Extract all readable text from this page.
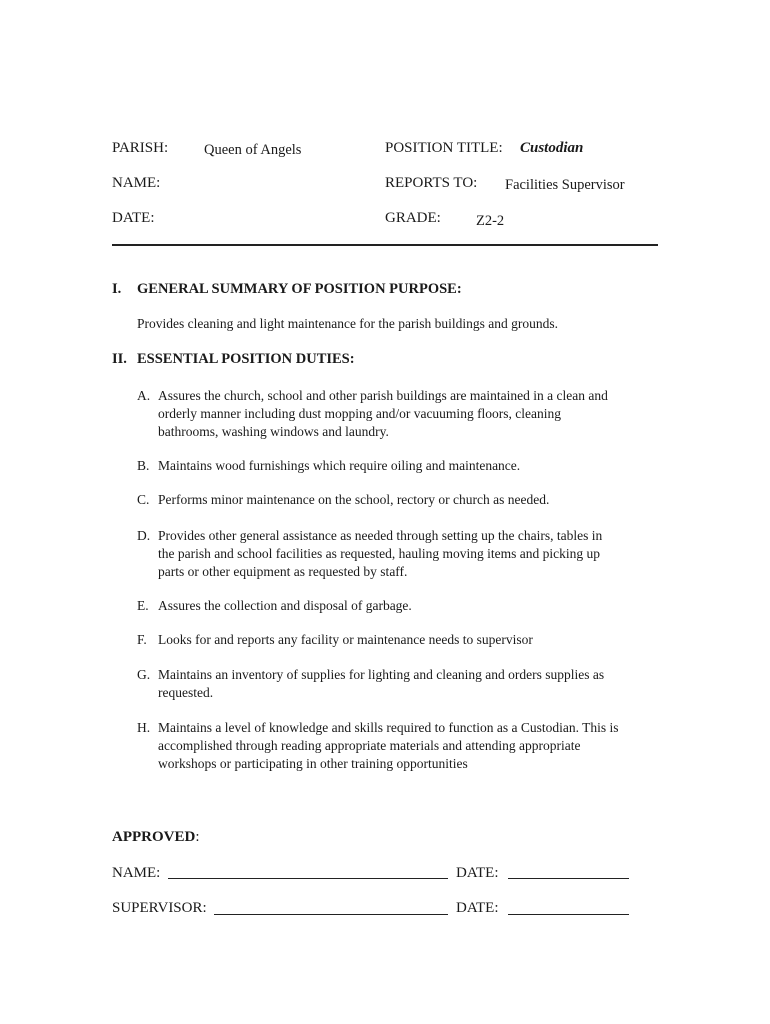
PARISH: Queen of Angels	POSITION TITLE: Custodian
NAME:	REPORTS TO: Facilities Supervisor
DATE:	GRADE: Z2-2
I. GENERAL SUMMARY OF POSITION PURPOSE:
Provides cleaning and light maintenance for the parish buildings and grounds.
II. ESSENTIAL POSITION DUTIES:
A. Assures the church, school and other parish buildings are maintained in a clean and
orderly manner including dust mopping and/or vacuuming floors, cleaning
bathrooms, washing windows and laundry.
B. Maintains wood furnishings which require oiling and maintenance.
C. Performs minor maintenance on the school, rectory or church as needed.
D. Provides other general assistance as needed through setting up the chairs, tables in
the parish and school facilities as requested, hauling moving items and picking up
parts or other equipment as requested by staff.
E. Assures the collection and disposal of garbage.
F. Looks for and reports any facility or maintenance needs to supervisor
G. Maintains an inventory of supplies for lighting and cleaning and orders supplies as
requested.
H. Maintains a level of knowledge and skills required to function as a Custodian. This is
accomplished through reading appropriate materials and attending appropriate
workshops or participating in other training opportunities
APPROVED:
NAME:	DATE:
SUPERVISOR:	DATE:
